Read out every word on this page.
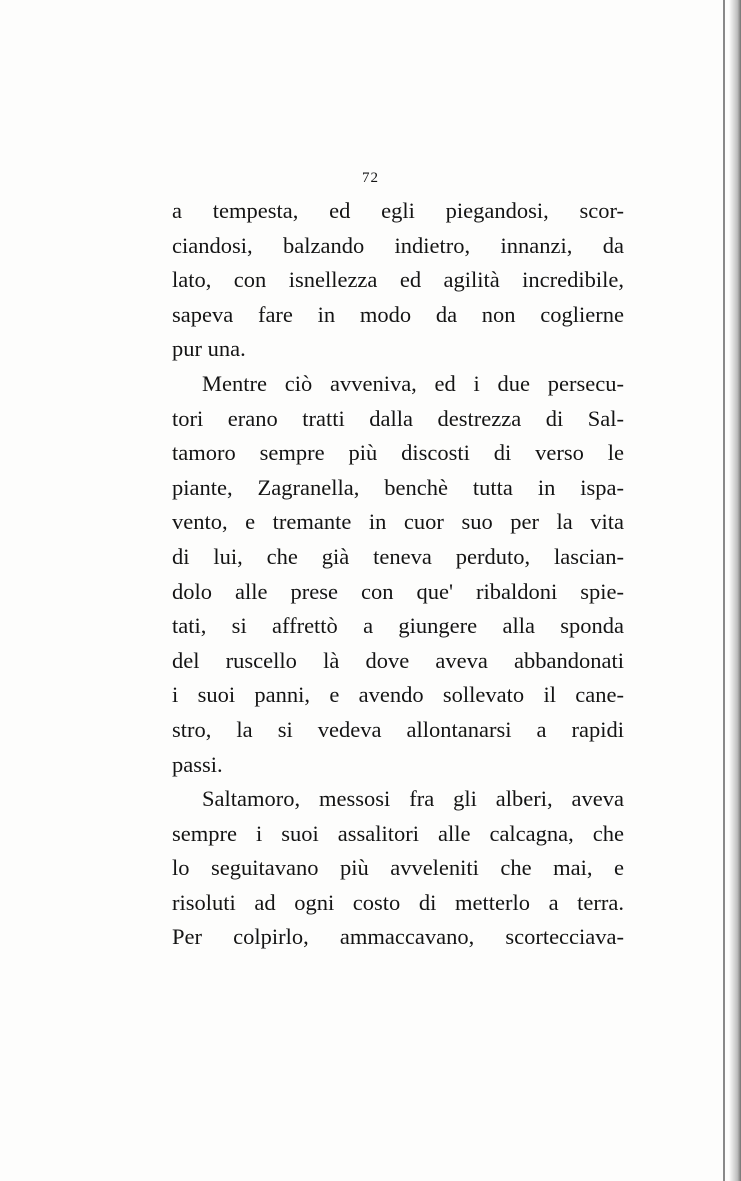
72
a tempesta, ed egli piegandosi, scor-
ciandosi, balzando indietro, innanzi, da
lato, con isnellezza ed agilità incredibile,
sapeva fare in modo da non coglierne
pur una.
Mentre ciò avveniva, ed i due persecu-
tori erano tratti dalla destrezza di Sal-
tamoro sempre più discosti di verso le
piante, Zagranella, benchè tutta in ispa-
vento, e tremante in cuor suo per la vita
di lui, che già teneva perduto, lascian-
dolo alle prese con que' ribaldoni spie-
tati, si affrettò a giungere alla sponda
del ruscello là dove aveva abbandonati
i suoi panni, e avendo sollevato il cane-
stro, la si vedeva allontanarsi a rapidi
passi.
Saltamoro, messosi fra gli alberi, aveva
sempre i suoi assalitori alle calcagna, che
lo seguitavano più avveleniti che mai, e
risoluti ad ogni costo di metterlo a terra.
Per colpirlo, ammaccavano, scortecciava-
